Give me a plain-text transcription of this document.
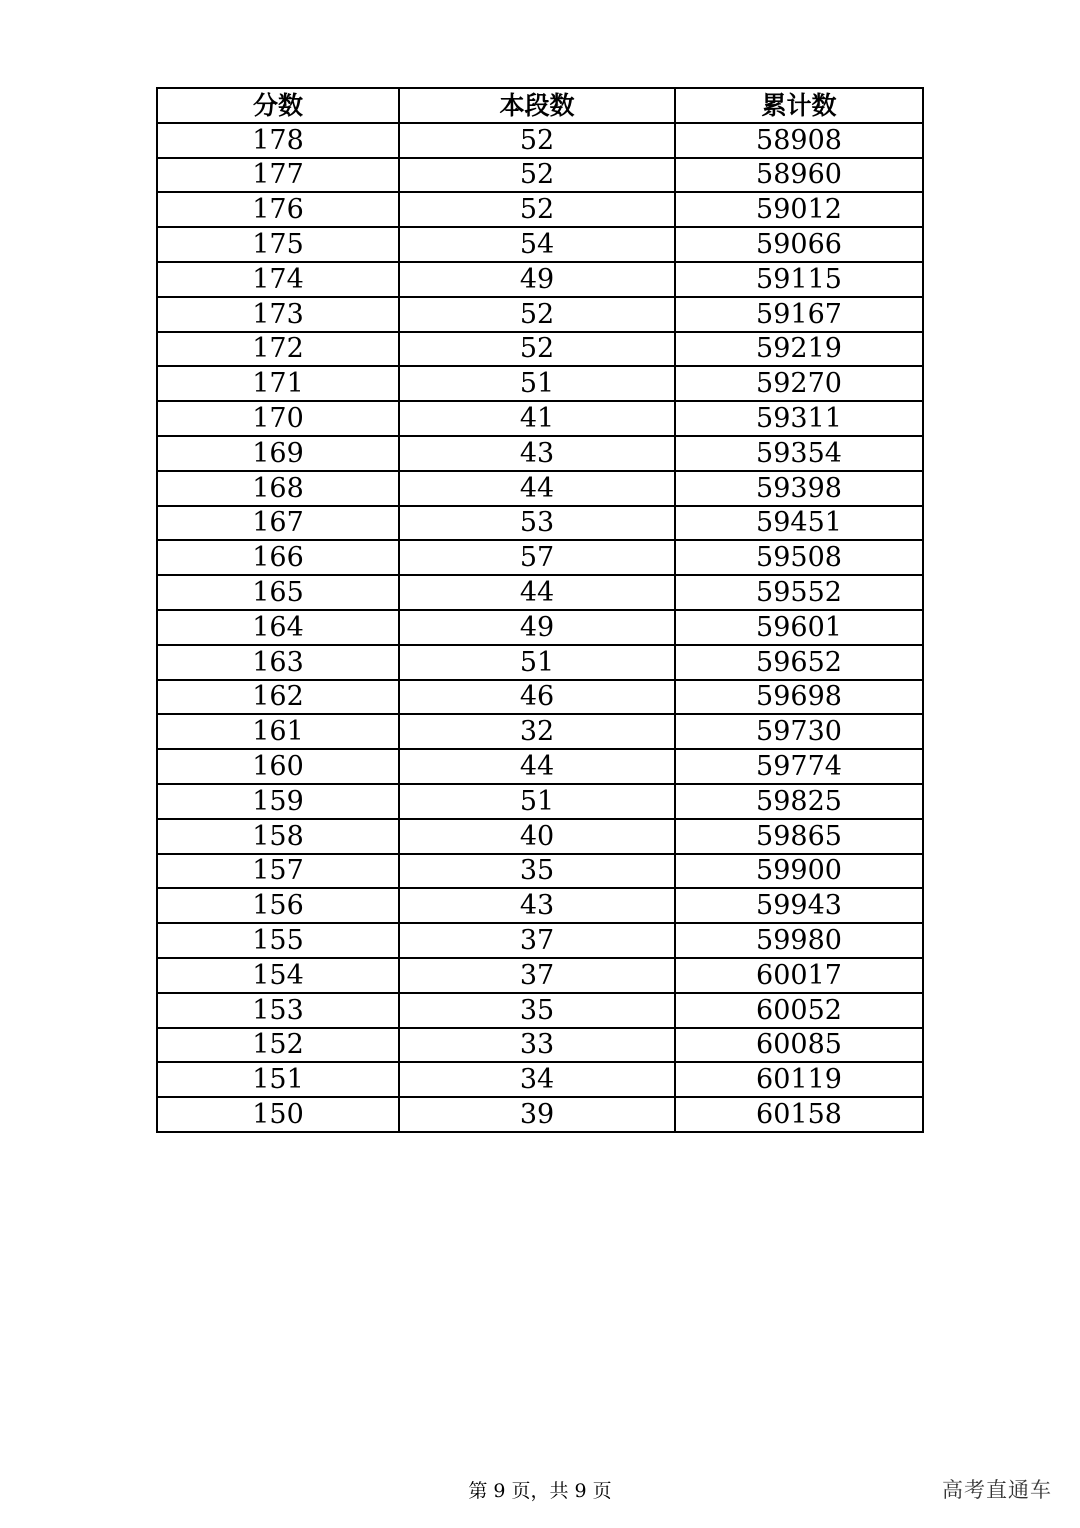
分数	本段数	累计数
178	52	58908
177	52	58960
176	52	59012
175	54	59066
174	49	59115
173	52	59167
172	52	59219
171	51	59270
170	41	59311
169	43	59354
168	44	59398
167	53	59451
166	57	59508
165	44	59552
164	49	59601
163	51	59652
162	46	59698
161	32	59730
160	44	59774
159	51	59825
158	40	59865
157	35	59900
156	43	59943
155	37	59980
154	37	60017
153	35	60052
152	33	60085
151	34	60119
150	39	60158
第 9 页，共 9 页	高考直通车
